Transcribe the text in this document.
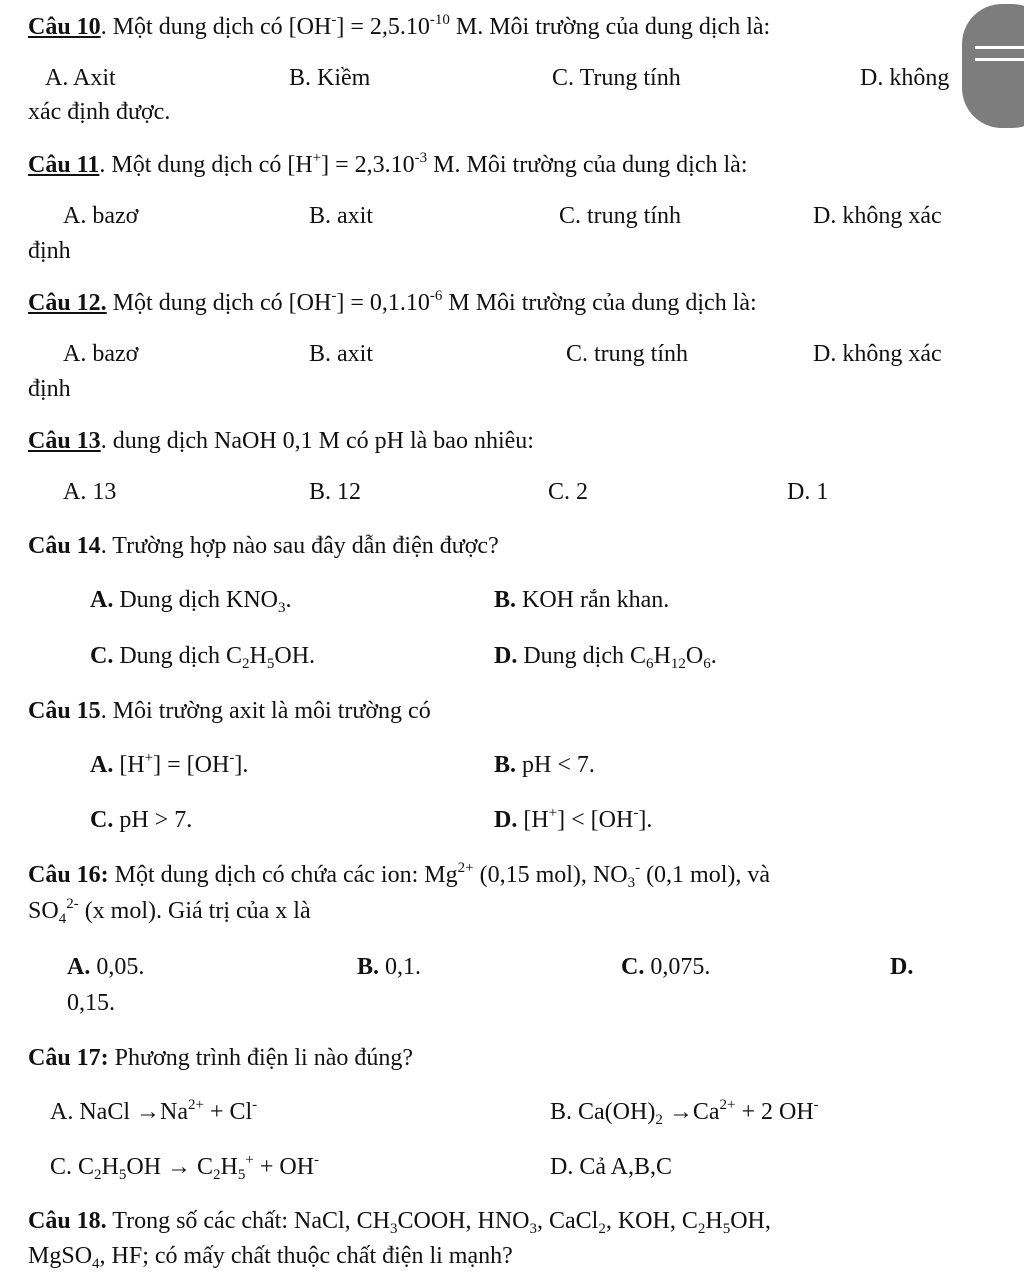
Câu 10. Một dung dịch có $[OH^-] = 2,5.10^{-10}$ M. Môi trường của dung dịch là:
A. Axit	B. Kiềm	C. Trung tính	D. không
xác định được.
Câu 11. Một dung dịch có $[H^+] = 2,3.10^{-3}$ M. Môi trường của dung dịch là:
A. bazơ	B. axit	C. trung tính	D. không xác
định
Câu 12. Một dung dịch có $[OH^-] = 0,1.10^{-6}$ M Môi trường của dung dịch là:
A. bazơ	B. axit	C. trung tính	D. không xác
định
Câu 13. dung dịch NaOH 0,1 M có pH là bao nhiêu:
A. 13	B. 12	C. 2	D. 1
Câu 14. Trường hợp nào sau đây dẫn điện được?
A. Dung dịch $KNO_3$.	B. KOH rắn khan.
C. Dung dịch $C_2H_5OH$.	D. Dung dịch $C_6H_{12}O_6$.
Câu 15. Môi trường axit là môi trường có
A. [H+] = [OH-].	B. pH < 7.
C. pH > 7.	D. [H+] < [OH-].
Câu 16: Một dung dịch có chứa các ion: $Mg^{2+}$ (0,15 mol), $NO_3^-$ (0,1 mol), và
$SO_4^{2-}$ (x mol). Giá trị của x là
A. 0,05.	B. 0,1.	C. 0,075.	D.
0,15.
Câu 17: Phương trình điện li nào đúng?
A. NaCl $\to Na^{2+} + Cl^-$	B. $Ca(OH)_2 \to Ca^{2+} + 2$ OH-
C. $C_2H_5OH \to C_2H_5^+ + OH^-$	D. Cả A,B,C
Câu 18. Trong số các chất: NaCl, $CH_3COOH$, $HNO_3$, CaCl$_2$, KOH, $C_2H_5OH$,
MgSO$_4$, HF; có mấy chất thuộc chất điện li mạnh?
